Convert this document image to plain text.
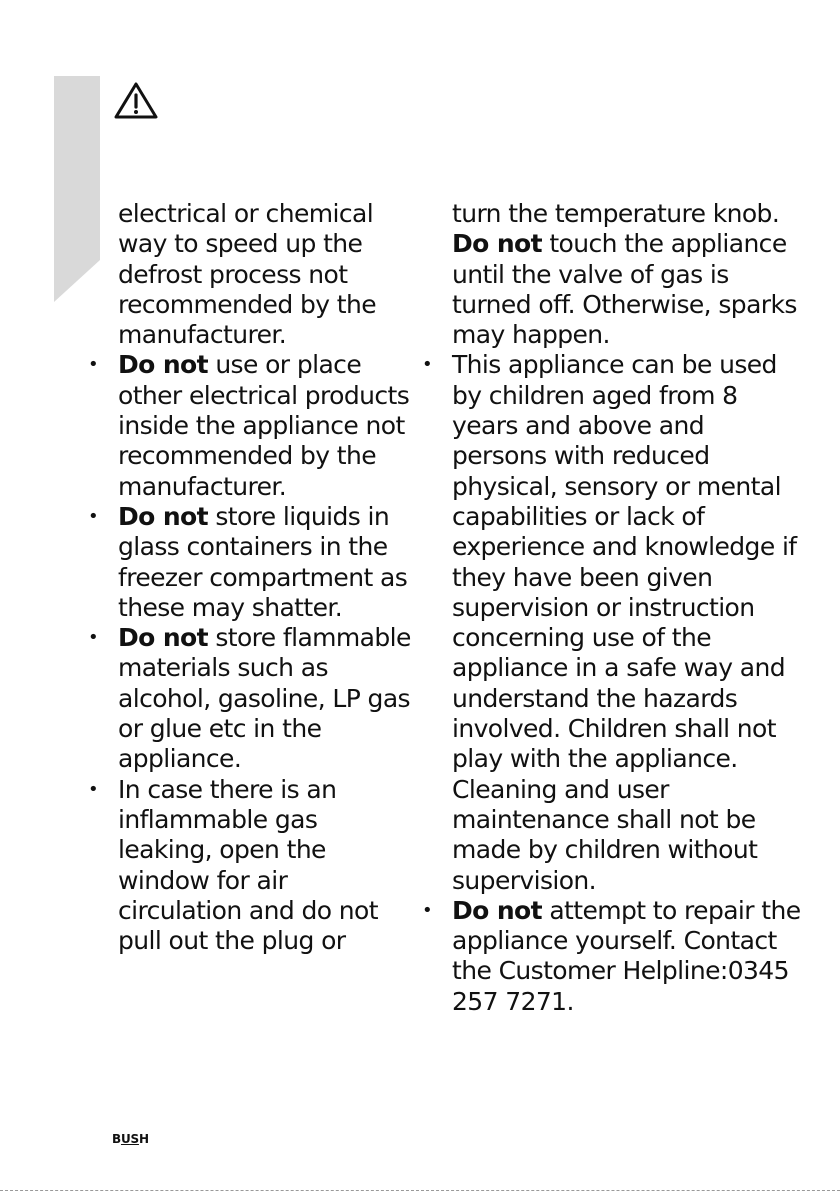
electrical or chemical way to speed up the defrost process not recommended by the manufacturer.
• Do not use or place other electrical products inside the appliance not recommended by the manufacturer.
• Do not store liquids in glass containers in the freezer compartment as these may shatter.
• Do not store flammable materials such as alcohol, gasoline, LP gas or glue etc in the appliance.
• In case there is an inflammable gas leaking, open the window for air circulation and do not pull out the plug or
turn the temperature knob. Do not touch the appliance until the valve of gas is turned off. Otherwise, sparks may happen.
• This appliance can be used by children aged from 8 years and above and persons with reduced physical, sensory or mental capabilities or lack of experience and knowledge if they have been given supervision or instruction concerning use of the appliance in a safe way and understand the hazards involved. Children shall not play with the appliance. Cleaning and user maintenance shall not be made by children without supervision.
• Do not attempt to repair the appliance yourself. Contact the Customer Helpline:0345 257 7271.
BUSH
